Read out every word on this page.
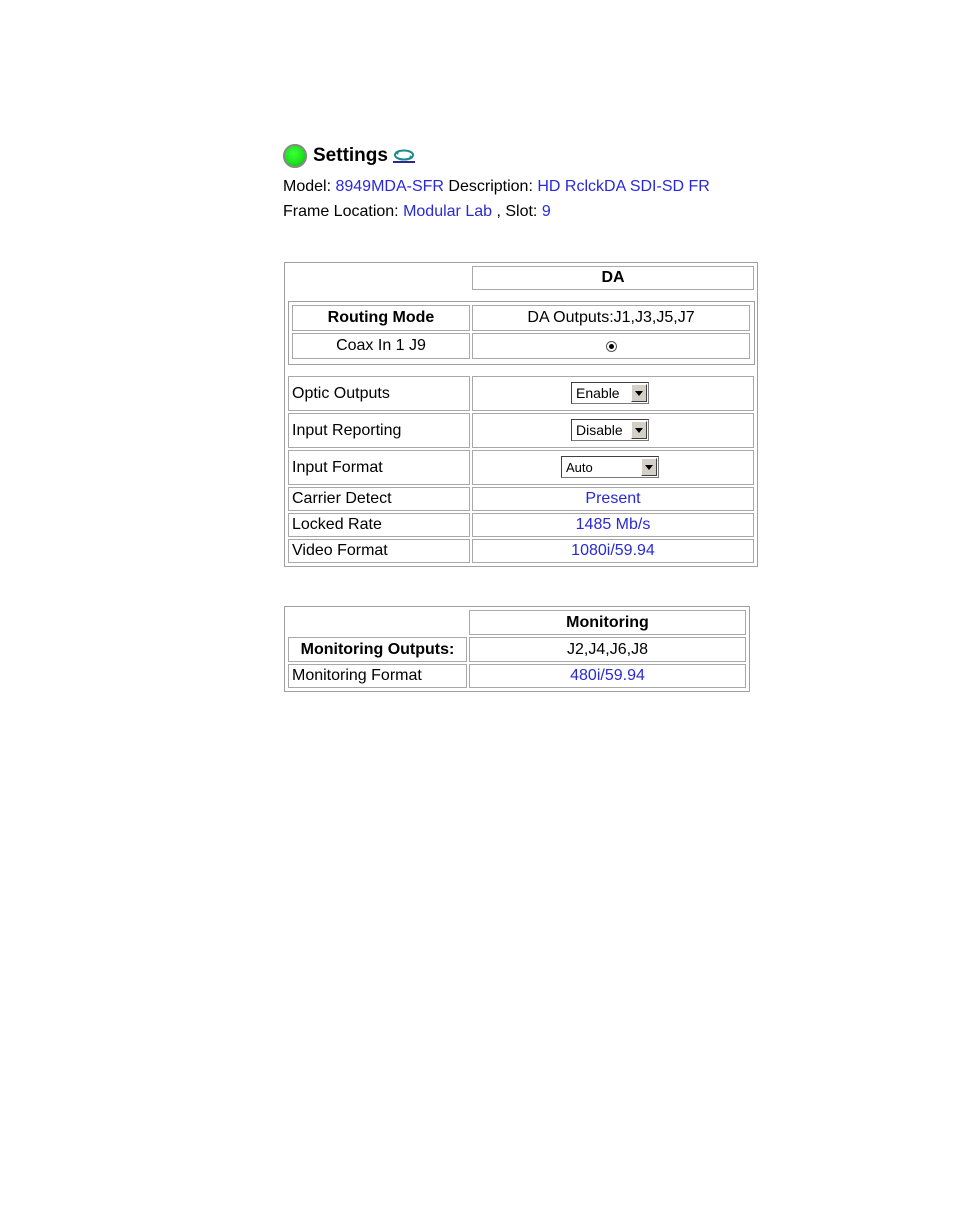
Settings
Model: 8949MDA-SFR Description: HD RclckDA SDI-SD FR
Frame Location: Modular Lab , Slot: 9
DA
Routing Mode	DA Outputs:J1,J3,J5,J7
Coax In 1 J9
Optic Outputs	Enable
Input Reporting	Disable
Input Format	Auto
Carrier Detect	Present
Locked Rate	1485 Mb/s
Video Format	1080i/59.94
Monitoring
Monitoring Outputs:	J2,J4,J6,J8
Monitoring Format	480i/59.94
